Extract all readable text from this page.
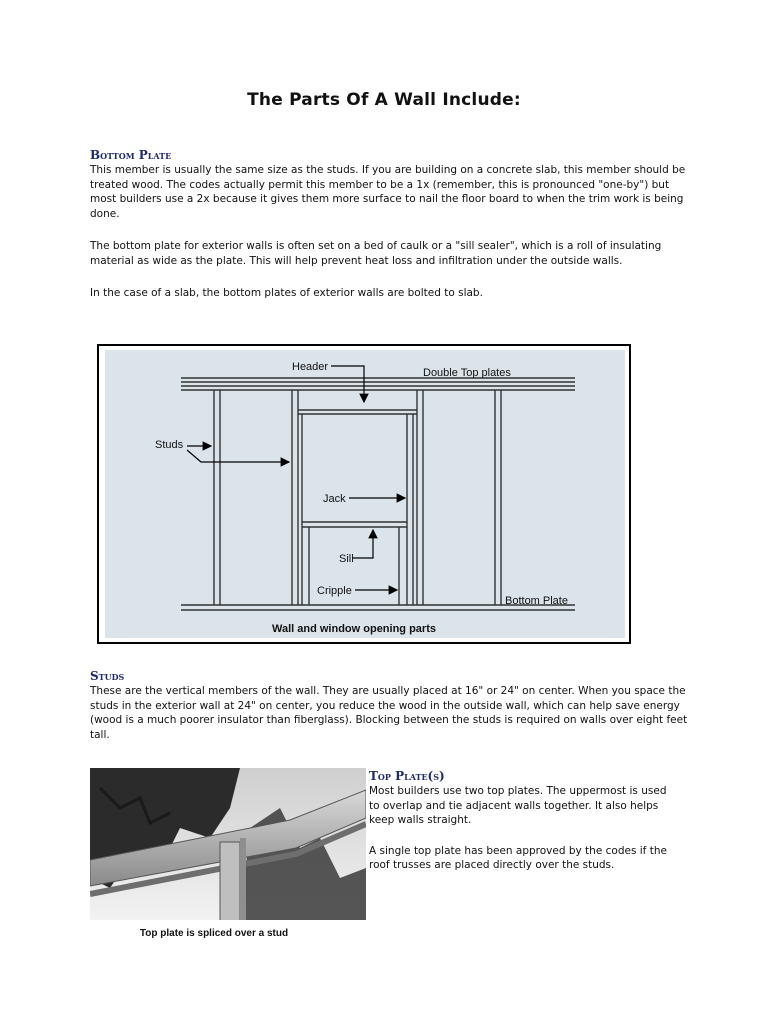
The Parts Of A Wall Include:
Bottom Plate

This member is usually the same size as the studs. If you are building on a concrete slab, this member should be treated wood. The codes actually permit this member to be a 1x (remember, this is pronounced "one-by") but most builders use a 2x because it gives them more surface to nail the floor board to when the trim work is being done.

The bottom plate for exterior walls is often set on a bed of caulk or a "sill sealer", which is a roll of insulating material as wide as the plate. This will help prevent heat loss and infiltration under the outside walls.

In the case of a slab, the bottom plates of exterior walls are bolted to slab.

Header	Double Top plates
Studs
Jack
Sill
Cripple
Bottom Plate
Wall and window opening parts
Studs

These are the vertical members of the wall. They are usually placed at 16" or 24" on center. When you space the studs in the exterior wall at 24" on center, you reduce the wood in the outside wall, which can help save energy (wood is a much poorer insulator than fiberglass). Blocking between the studs is required on walls over eight feet tall.

Top plate is spliced over a stud
Top Plate(s)

Most builders use two top plates. The uppermost is used to overlap and tie adjacent walls together. It also helps keep walls straight.

A single top plate has been approved by the codes if the roof trusses are placed directly over the studs.
